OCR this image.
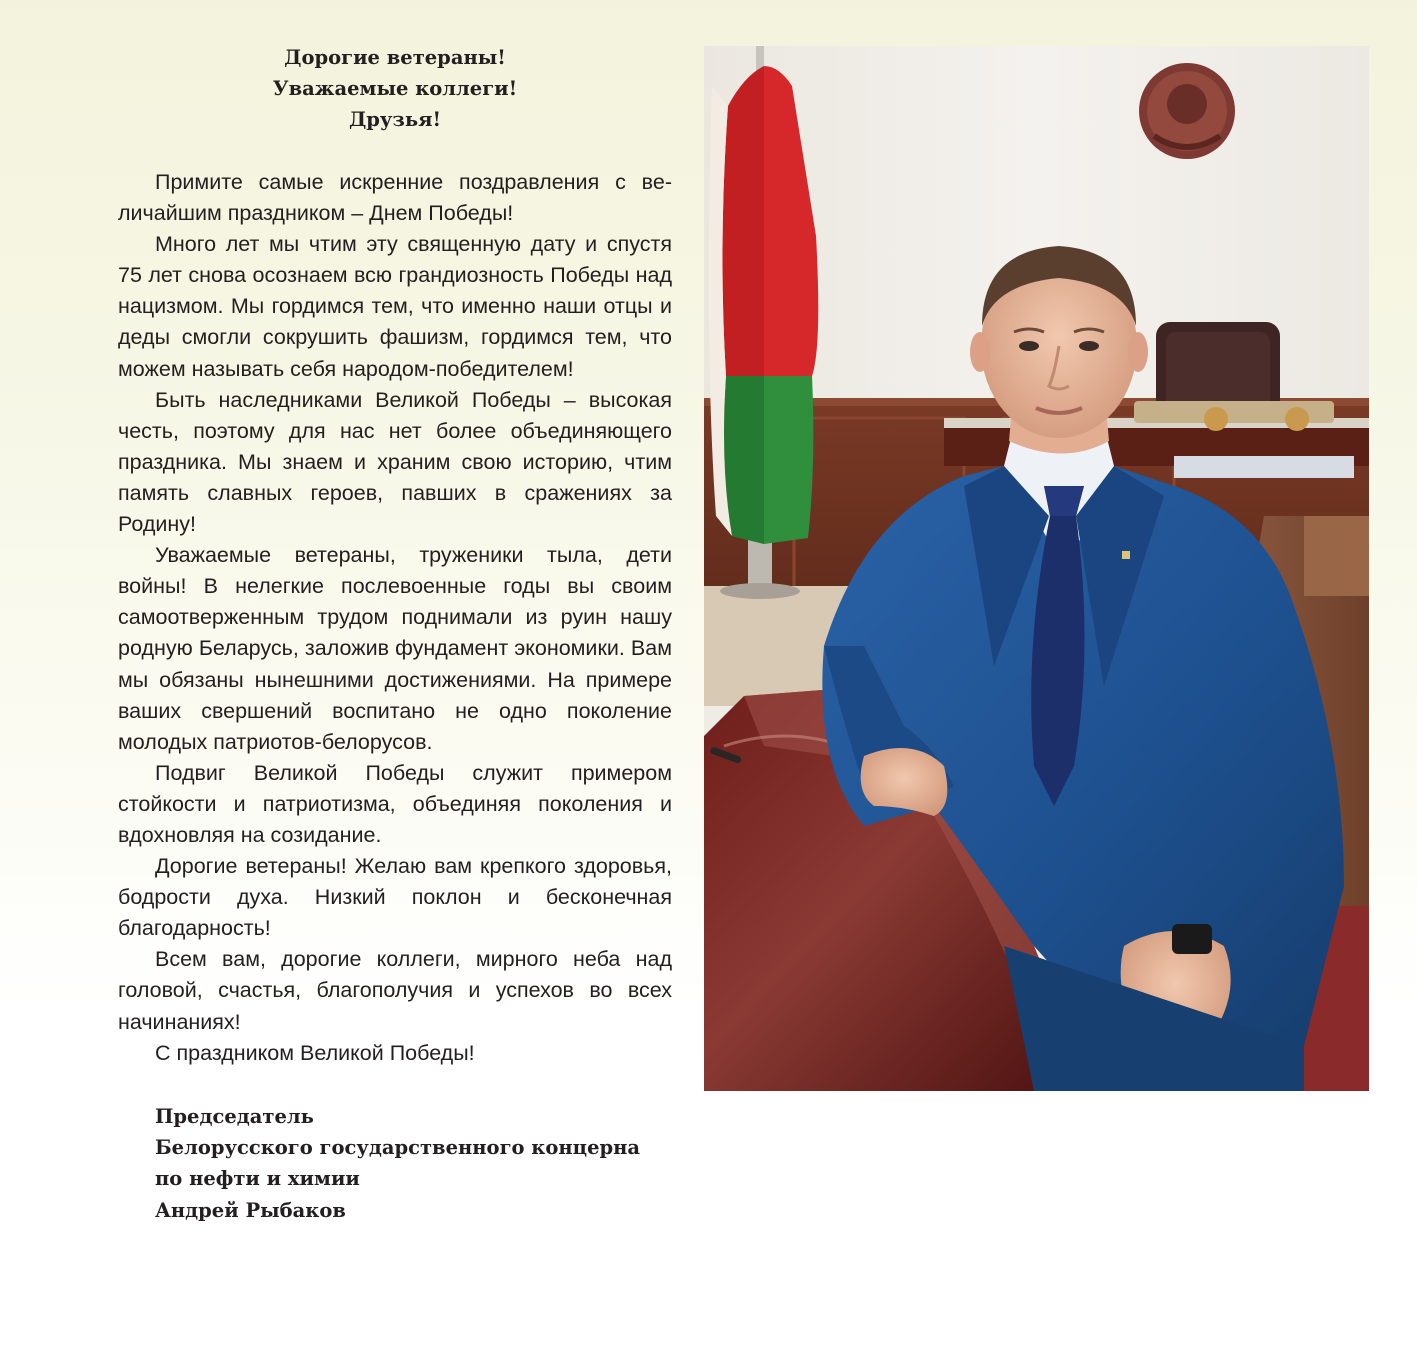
Дорогие ветераны!
Уважаемые коллеги!
Друзья!

Примите самые искренние поздравления с величайшим праздником – Днем Победы!

Много лет мы чтим эту священную дату и спустя 75 лет снова осознаем всю грандиозность Победы над нацизмом. Мы гордимся тем, что именно наши отцы и деды смогли сокрушить фашизм, гордимся тем, что можем называть себя народом-победителем!

Быть наследниками Великой Победы – высокая честь, поэтому для нас нет более объединяющего праздника. Мы знаем и храним свою историю, чтим память славных героев, павших в сражениях за Родину!

Уважаемые ветераны, труженики тыла, дети войны! В нелегкие послевоенные годы вы своим самоотверженным трудом поднимали из руин нашу родную Беларусь, заложив фундамент экономики. Вам мы обязаны нынешними достижениями. На примере ваших свершений воспитано не одно поколение молодых патриотов-белорусов.

Подвиг Великой Победы служит примером стойкости и патриотизма, объединяя поколения и вдохновляя на созидание.

Дорогие ветераны! Желаю вам крепкого здоровья, бодрости духа. Низкий поклон и бесконечная благодарность!

Всем вам, дорогие коллеги, мирного неба над головой, счастья, благополучия и успехов во всех начинаниях!

С праздником Великой Победы!

Председатель
Белорусского государственного концерна
по нефти и химии
Андрей Рыбаков
